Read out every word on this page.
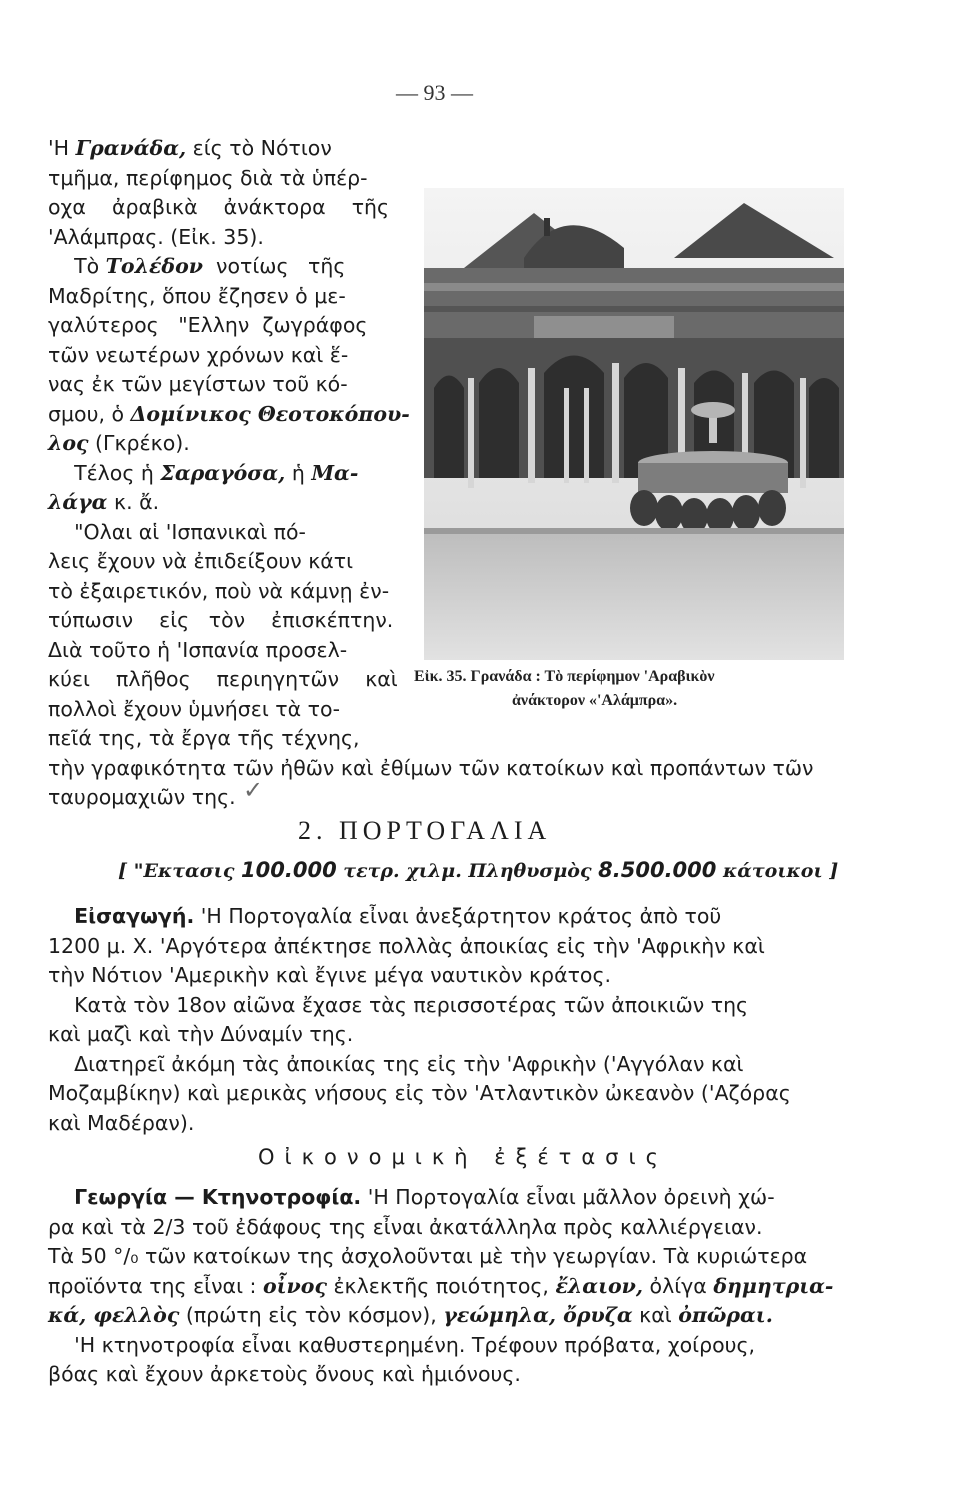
— 93 —
'Η Γρανάδα, είς τὸ Νότιον
τμῆμα, περίφημος διὰ τὰ ὑπέρ-
οχα    ἀραβικὰ    ἀνάκτορα    τῆς
'Αλάμπρας. (Εἰκ. 35).
Τὸ Τολέδον  νοτίως   τῆς
Μαδρίτης, ὅπου ἔζησεν ὁ με-
γαλύτερος   "Ελλην  ζωγράφος
τῶν νεωτέρων χρόνων καὶ ἕ-
νας ἐκ τῶν μεγίστων τοῦ κό-
σμου, ὁ Δομίνικος Θεοτοκόπου-
λος (Γκρέκο).
Τέλος ἡ Σαραγόσα, ἡ Μα-
λάγα κ. ἄ.
"Ολαι αἱ 'Ισπανικαὶ πό-
λεις ἔχουν νὰ ἐπιδείξουν κάτι
τὸ ἐξαιρετικόν, ποὺ νὰ κάμνῃ ἐν-
τύπωσιν    εἰς   τὸν    ἐπισκέπτην.
Διὰ τοῦτο ἡ 'Ισπανία προσελ-
κύει    πλῆθος    περιηγητῶν    καὶ
πολλοὶ ἔχουν ὑμνήσει τὰ το-
πεῖά της, τὰ ἔργα τῆς τέχνης,
τὴν γραφικότητα τῶν ἠθῶν καὶ ἐθίμων τῶν κατοίκων καὶ προπάντων τῶν
ταυρομαχιῶν της.
Εἰκ. 35. Γρανάδα : Τὸ περίφημον 'Αραβικὸν
ἀνάκτορον «'Αλάμπρα».
✓
2. ΠΟΡΤΟΓΑΛΙΑ
[ "Εκτασις 100.000 τετρ. χιλμ. Πληθυσμὸς 8.500.000 κάτοικοι ]
Εἰσαγωγή. 'Η Πορτογαλία εἶναι ἀνεξάρτητον κράτος ἀπὸ τοῦ
1200 μ. Χ. 'Αργότερα ἀπέκτησε πολλὰς ἀποικίας εἰς τὴν 'Αφρικὴν καὶ
τὴν Νότιον 'Αμερικὴν καὶ ἔγινε μέγα ναυτικὸν κράτος.
Κατὰ τὸν 18ον αἰῶνα ἔχασε τὰς περισσοτέρας τῶν ἀποικιῶν της
καὶ μαζὶ καὶ τὴν Δύναμίν της.
Διατηρεῖ ἀκόμη τὰς ἀποικίας της εἰς τὴν 'Αφρικὴν ('Αγγόλαν καὶ
Μοζαμβίκην) καὶ μερικὰς νήσους εἰς τὸν 'Ατλαντικὸν ὠκεανὸν ('Αζόρας
καὶ Μαδέραν).
Οἰκονομικὴ ἐξέτασις
Γεωργία — Κτηνοτροφία. 'Η Πορτογαλία εἶναι μᾶλλον ὀρεινὴ χώ-
ρα καὶ τὰ 2/3 τοῦ ἐδάφους της εἶναι ἀκατάλληλα πρὸς καλλιέργειαν.
Τὰ 50 °/₀ τῶν κατοίκων της ἀσχολοῦνται μὲ τὴν γεωργίαν. Τὰ κυριώτερα
προϊόντα της εἶναι : οἶνος ἐκλεκτῆς ποιότητος, ἔλαιον, ὀλίγα δημητρια-
κά, φελλὸς (πρώτη εἰς τὸν κόσμον), γεώμηλα, ὄρυζα καὶ ὀπῶραι.
'Η κτηνοτροφία εἶναι καθυστερημένη. Τρέφουν πρόβατα, χοίρους,
βόας καὶ ἔχουν ἀρκετοὺς ὄνους καὶ ἡμιόνους.
